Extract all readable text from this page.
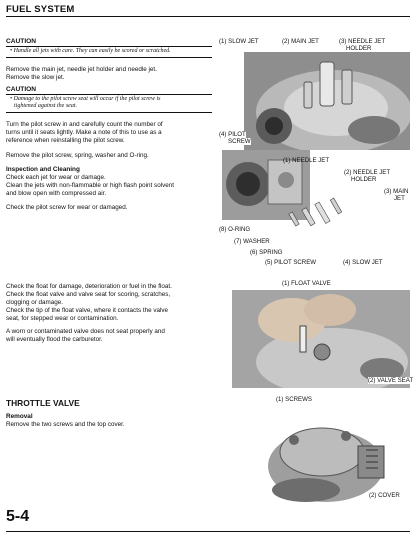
FUEL SYSTEM
CAUTION
• Handle all jets with care. They can easily be scored or scratched.
Remove the main jet, needle jet holder and needle jet.
Remove the slow jet.
CAUTION
• Damage to the pilot screw seat will occur if the pilot screw is
tightened against the seat.
Turn the pilot screw in and carefully count the number of
turns until it seats lightly. Make a note of this to use as a
reference when reinstalling the pilot screw.
Remove the pilot screw, spring, washer and O-ring.
Inspection and Cleaning
Check each jet for wear or damage.
Clean the jets with non-flammable or high flash point solvent
and blow open with compressed air.
Check the pilot screw for wear or damaged.
Check the float for damage, deterioration or fuel in the float.
Check the float valve and valve seat for scoring, scratches,
clogging or damage.
Check the tip of the float valve, where it contacts the valve
seat, for stepped wear or contamination.
A worn or contaminated valve does not seat properly and
will eventually flood the carburetor.
THROTTLE VALVE
Removal
Remove the two screws and the top cover.
(1) SLOW JET	(2) MAIN JET	(3) NEEDLE JET
HOLDER
(4) PILOT
SCREW
(1) NEEDLE JET
(2) NEEDLE JET
HOLDER
(3) MAIN
JET
(8) O-RING
(7) WASHER
(6) SPRING
(5) PILOT SCREW	(4) SLOW JET
(1) FLOAT VALVE
(2) VALVE SEAT
(1) SCREWS
(2) COVER
5-4
